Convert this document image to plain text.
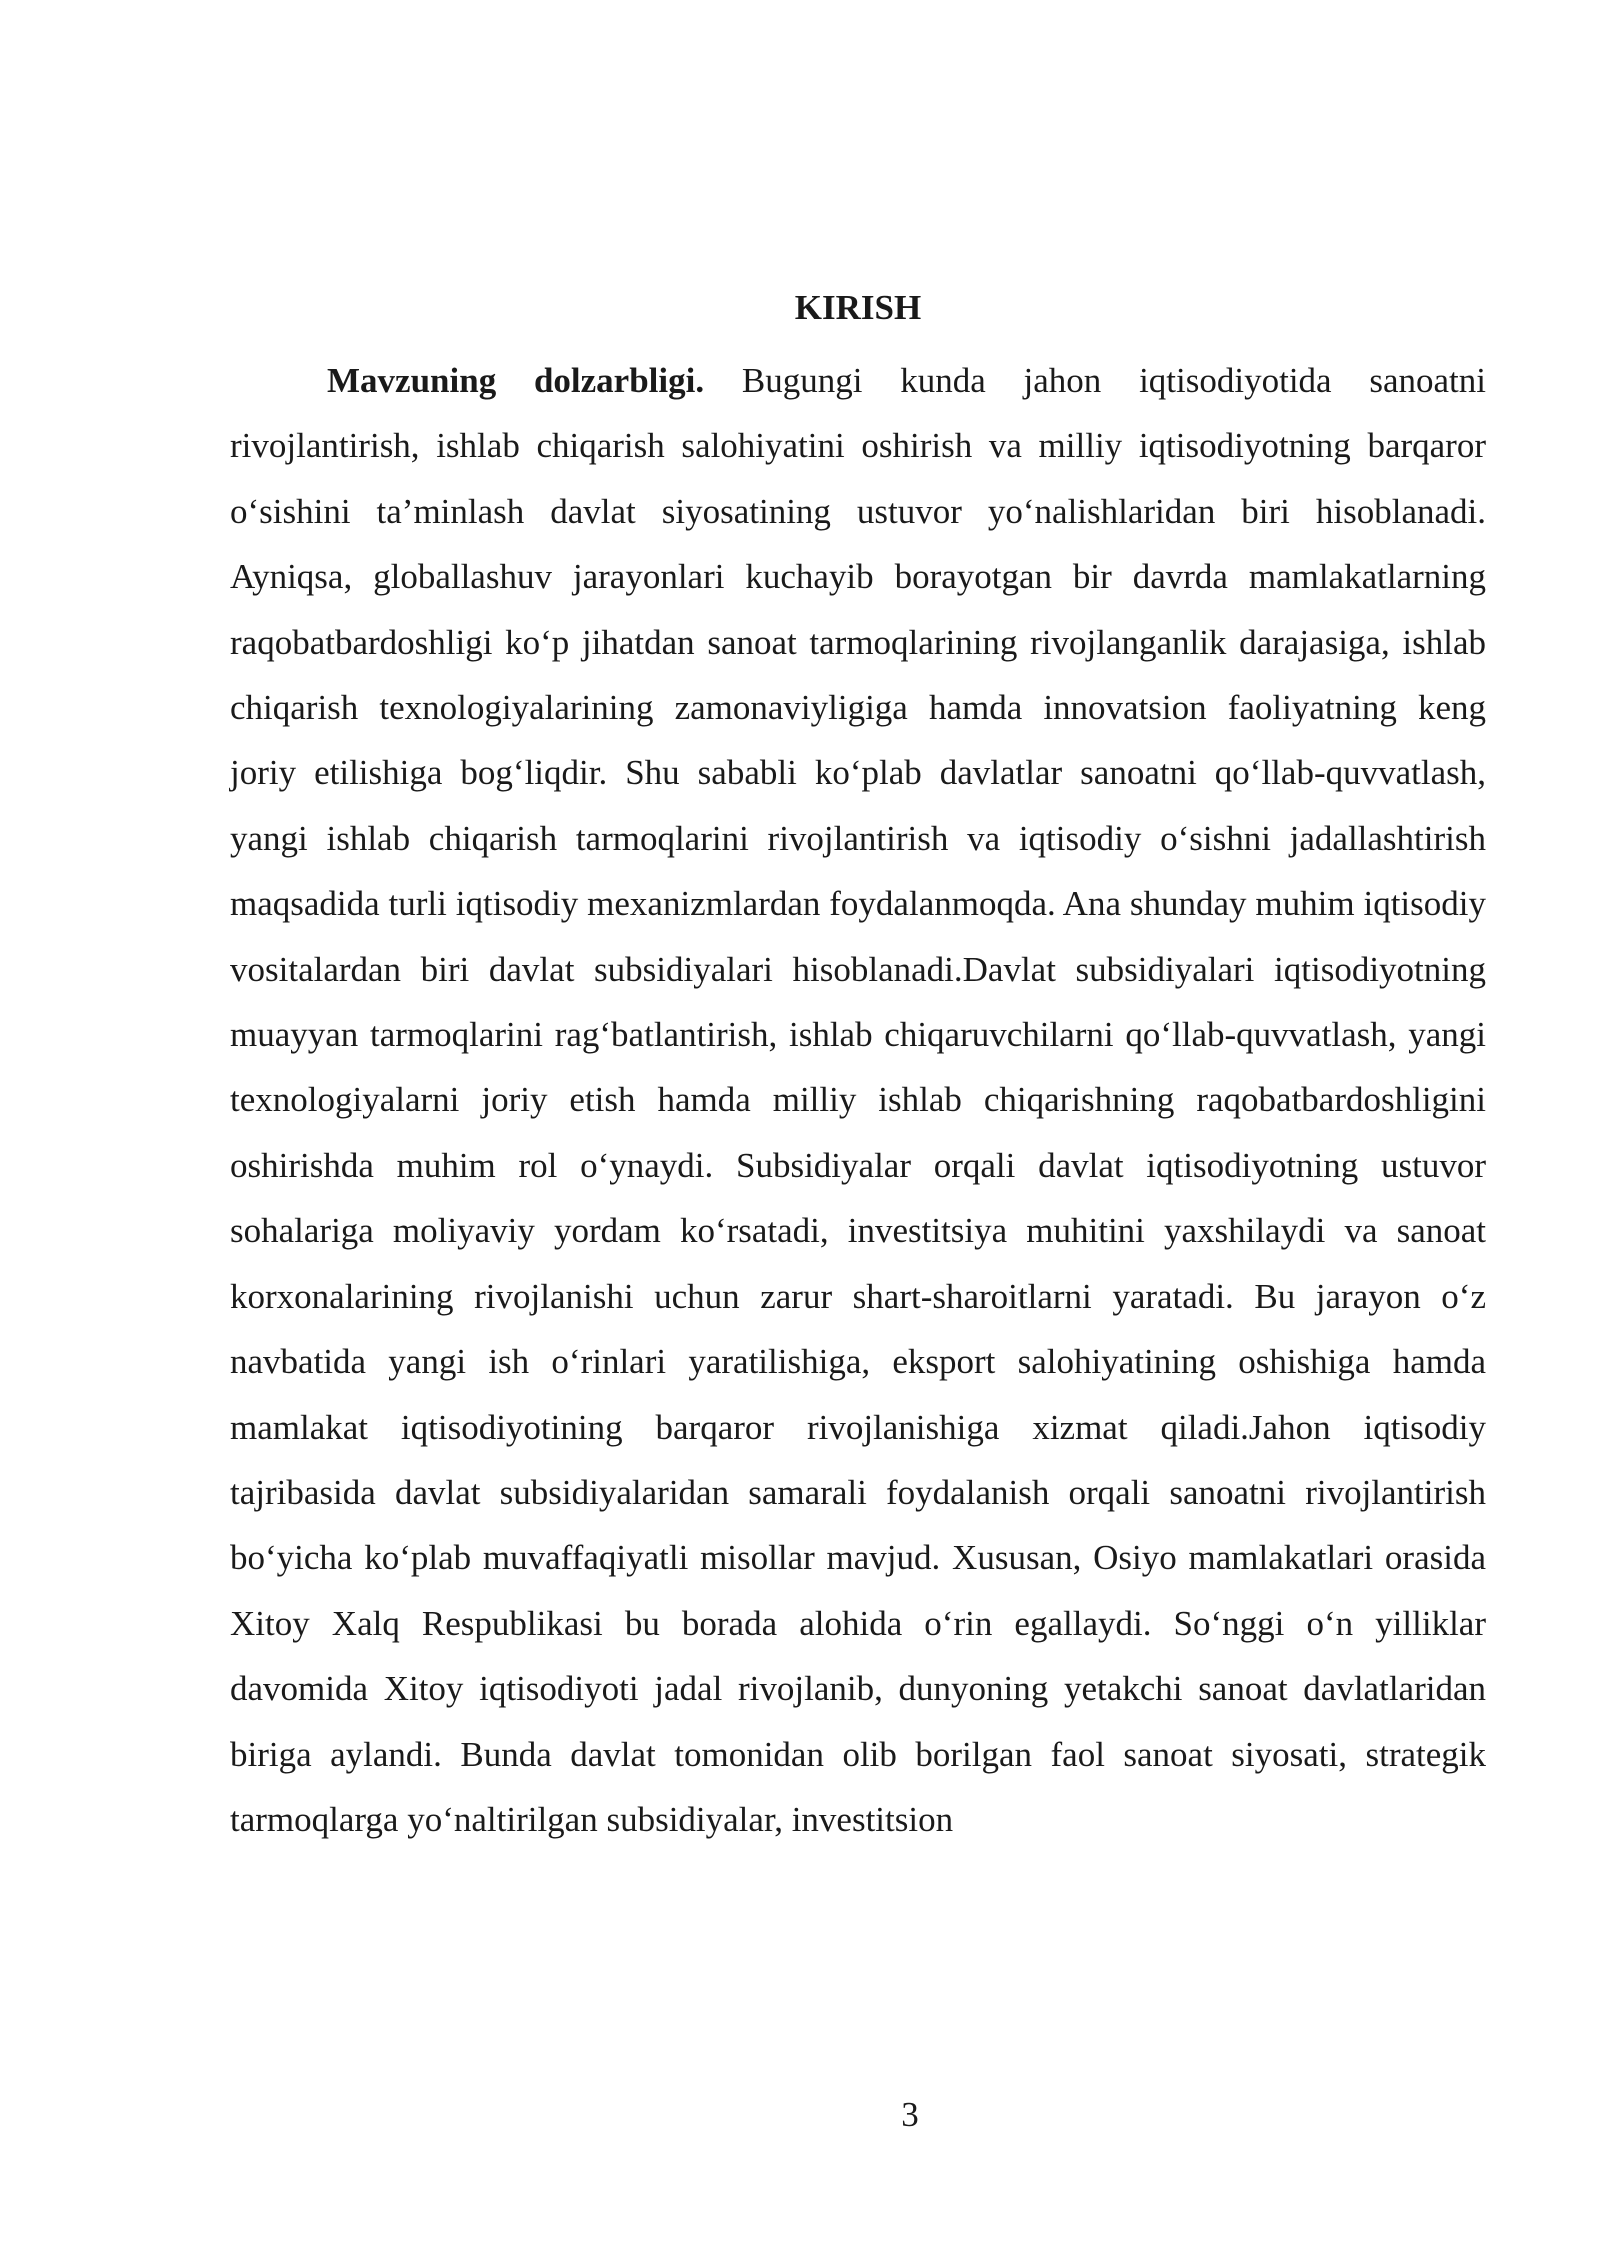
KIRISH

Mavzuning dolzarbligi. Bugungi kunda jahon iqtisodiyotida sanoatni rivojlantirish, ishlab chiqarish salohiyatini oshirish va milliy iqtisodiyotning barqaror o‘sishini ta’minlash davlat siyosatining ustuvor yo‘nalishlaridan biri hisoblanadi. Ayniqsa, globallashuv jarayonlari kuchayib borayotgan bir davrda mamlakatlarning raqobatbardoshligi ko‘p jihatdan sanoat tarmoqlarining rivojlanganlik darajasiga, ishlab chiqarish texnologiyalarining zamonaviyligiga hamda innovatsion faoliyatning keng joriy etilishiga bog‘liqdir. Shu sababli ko‘plab davlatlar sanoatni qo‘llab-quvvatlash, yangi ishlab chiqarish tarmoqlarini rivojlantirish va iqtisodiy o‘sishni jadallashtirish maqsadida turli iqtisodiy mexanizmlardan foydalanmoqda. Ana shunday muhim iqtisodiy vositalardan biri davlat subsidiyalari hisoblanadi.Davlat subsidiyalari iqtisodiyotning muayyan tarmoqlarini rag‘batlantirish, ishlab chiqaruvchilarni qo‘llab-quvvatlash, yangi texnologiyalarni joriy etish hamda milliy ishlab chiqarishning raqobatbardoshligini oshirishda muhim rol o‘ynaydi. Subsidiyalar orqali davlat iqtisodiyotning ustuvor sohalariga moliyaviy yordam ko‘rsatadi, investitsiya muhitini yaxshilaydi va sanoat korxonalarining rivojlanishi uchun zarur shart-sharoitlarni yaratadi. Bu jarayon o‘z navbatida yangi ish o‘rinlari yaratilishiga, eksport salohiyatining oshishiga hamda mamlakat iqtisodiyotining barqaror rivojlanishiga xizmat qiladi.Jahon iqtisodiy tajribasida davlat subsidiyalaridan samarali foydalanish orqali sanoatni rivojlantirish bo‘yicha ko‘plab muvaffaqiyatli misollar mavjud. Xususan, Osiyo mamlakatlari orasida Xitoy Xalq Respublikasi bu borada alohida o‘rin egallaydi. So‘nggi o‘n yilliklar davomida Xitoy iqtisodiyoti jadal rivojlanib, dunyoning yetakchi sanoat davlatlaridan biriga aylandi. Bunda davlat tomonidan olib borilgan faol sanoat siyosati, strategik tarmoqlarga yo‘naltirilgan subsidiyalar, investitsion

3
